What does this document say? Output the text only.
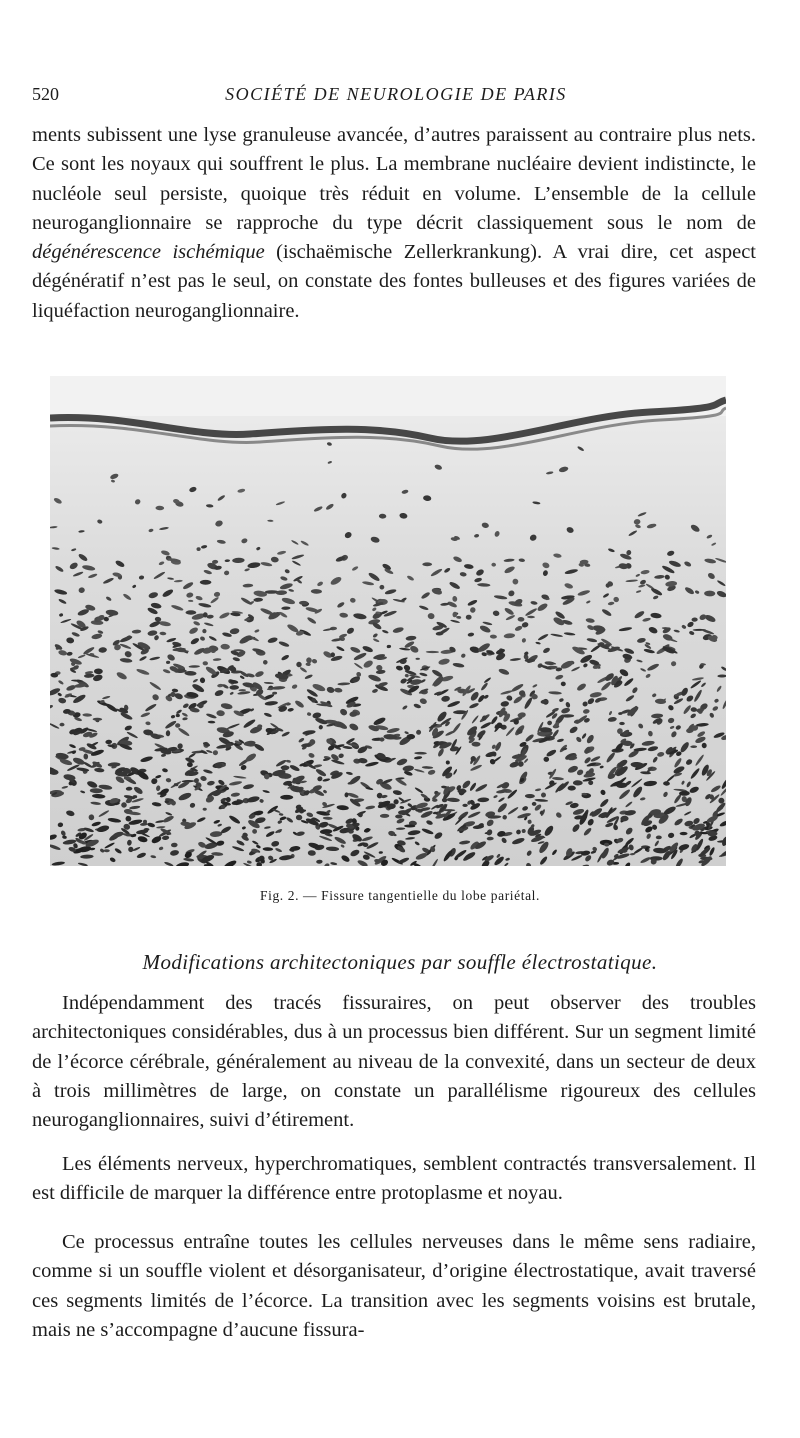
520	SOCIÉTÉ DE NEUROLOGIE DE PARIS

ments subissent une lyse granuleuse avancée, d’autres paraissent au contraire plus nets. Ce sont les noyaux qui souffrent le plus. La membrane nucléaire devient indistincte, le nucléole seul persiste, quoique très réduit en volume. L’ensemble de la cellule neuroganglionnaire se rapproche du type décrit classiquement sous le nom de dégénérescence ischémique (ischaëmische Zellerkrankung). A vrai dire, cet aspect dégénératif n’est pas le seul, on constate des fontes bulleuses et des figures variées de liquéfaction neuroganglionnaire.

Fig. 2. — Fissure tangentielle du lobe pariétal.
Modifications architectoniques par souffle électrostatique.

Indépendamment des tracés fissuraires, on peut observer des troubles architectoniques considérables, dus à un processus bien différent. Sur un segment limité de l’écorce cérébrale, généralement au niveau de la convexité, dans un secteur de deux à trois millimètres de large, on constate un parallélisme rigoureux des cellules neuroganglionnaires, suivi d’étirement.

Les éléments nerveux, hyperchromatiques, semblent contractés transversalement. Il est difficile de marquer la différence entre protoplasme et noyau.

Ce processus entraîne toutes les cellules nerveuses dans le même sens radiaire, comme si un souffle violent et désorganisateur, d’origine électrostatique, avait traversé ces segments limités de l’écorce. La transition avec les segments voisins est brutale, mais ne s’accompagne d’aucune fissura-
